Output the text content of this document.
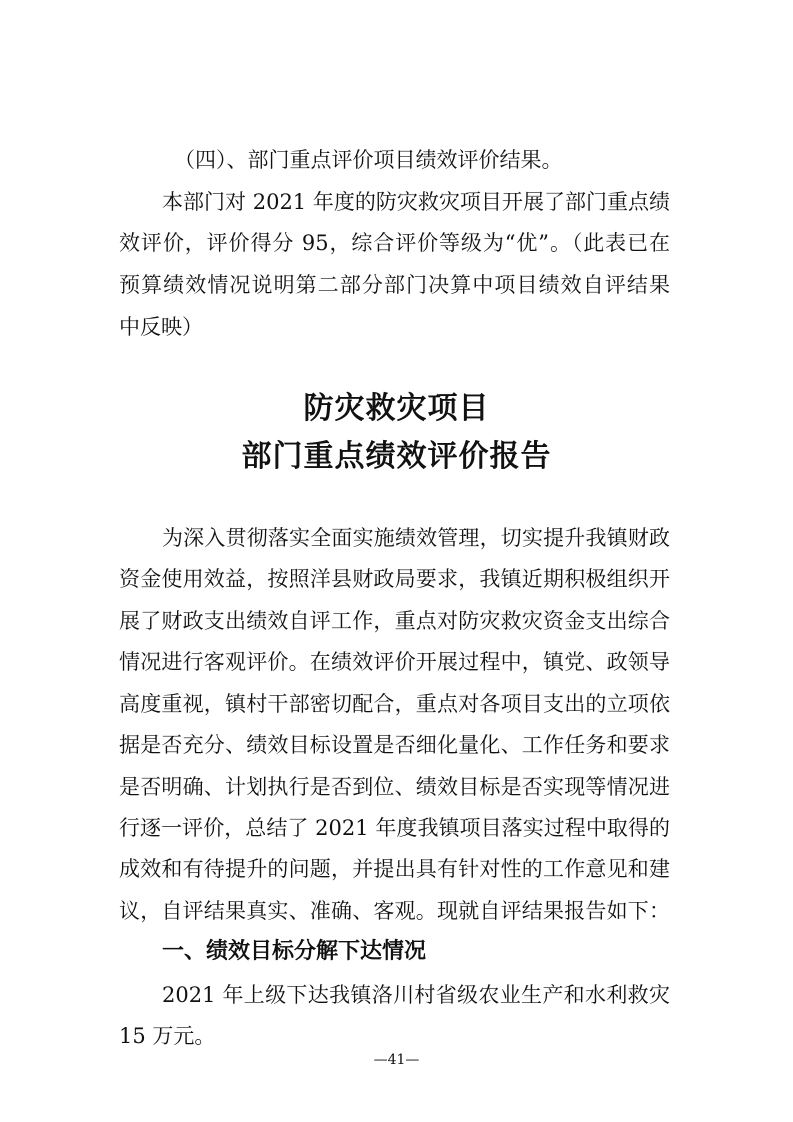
（四）、部门重点评价项目绩效评价结果。

本部门对 2021 年度的防灾救灾项目开展了部门重点绩

效评价，评价得分 95，综合评价等级为“优”。（此表已在

预算绩效情况说明第二部分部门决算中项目绩效自评结果

中反映）

防灾救灾项目
部门重点绩效评价报告

为深入贯彻落实全面实施绩效管理，切实提升我镇财政

资金使用效益，按照洋县财政局要求，我镇近期积极组织开

展了财政支出绩效自评工作，重点对防灾救灾资金支出综合

情况进行客观评价。在绩效评价开展过程中，镇党、政领导

高度重视，镇村干部密切配合，重点对各项目支出的立项依

据是否充分、绩效目标设置是否细化量化、工作任务和要求

是否明确、计划执行是否到位、绩效目标是否实现等情况进

行逐一评价，总结了 2021 年度我镇项目落实过程中取得的

成效和有待提升的问题，并提出具有针对性的工作意见和建

议，自评结果真实、准确、客观。现就自评结果报告如下：

一、绩效目标分解下达情况

2021 年上级下达我镇洛川村省级农业生产和水利救灾

15 万元。

—41—
